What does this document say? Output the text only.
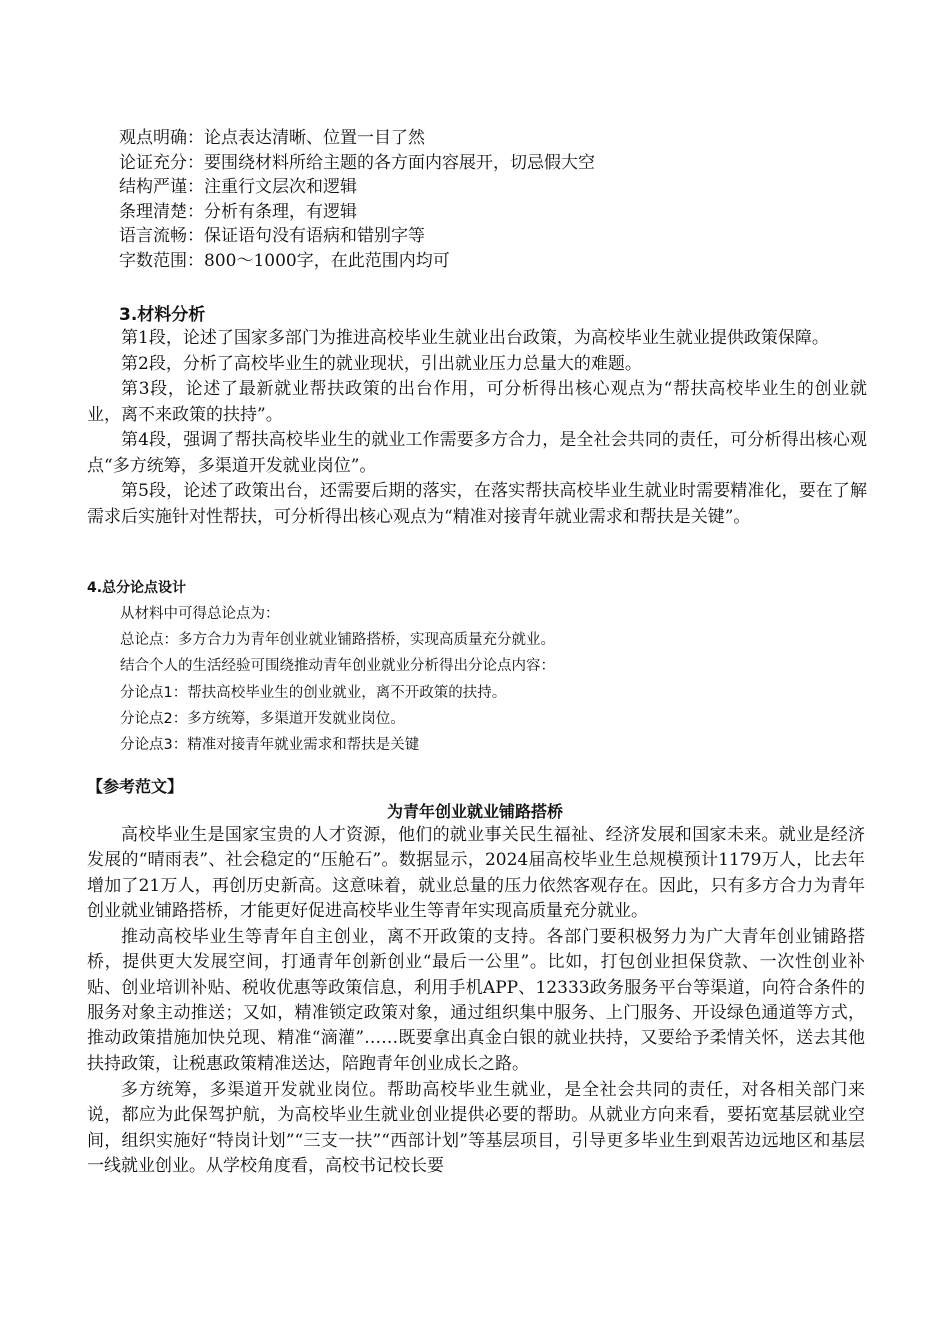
观点明确：论点表达清晰、位置一目了然
论证充分：要围绕材料所给主题的各方面内容展开，切忌假大空
结构严谨：注重行文层次和逻辑
条理清楚：分析有条理，有逻辑
语言流畅：保证语句没有语病和错别字等
字数范围：800～1000字，在此范围内均可
3.材料分析

第1段，论述了国家多部门为推进高校毕业生就业出台政策，为高校毕业生就业提供政策保障。

第2段，分析了高校毕业生的就业现状，引出就业压力总量大的难题。

第3段，论述了最新就业帮扶政策的出台作用，可分析得出核心观点为“帮扶高校毕业生的创业就业，离不来政策的扶持”。

第4段，强调了帮扶高校毕业生的就业工作需要多方合力，是全社会共同的责任，可分析得出核心观点“多方统筹，多渠道开发就业岗位”。

第5段，论述了政策出台，还需要后期的落实，在落实帮扶高校毕业生就业时需要精准化，要在了解需求后实施针对性帮扶，可分析得出核心观点为“精准对接青年就业需求和帮扶是关键”。

4.总分论点设计
从材料中可得总论点为：
总论点：多方合力为青年创业就业铺路搭桥，实现高质量充分就业。
结合个人的生活经验可围绕推动青年创业就业分析得出分论点内容：
分论点1：帮扶高校毕业生的创业就业，离不开政策的扶持。
分论点2：多方统筹，多渠道开发就业岗位。
分论点3：精准对接青年就业需求和帮扶是关键
【参考范文】
为青年创业就业铺路搭桥

高校毕业生是国家宝贵的人才资源，他们的就业事关民生福祉、经济发展和国家未来。就业是经济发展的“晴雨表”、社会稳定的“压舱石”。数据显示，2024届高校毕业生总规模预计1179万人，比去年增加了21万人，再创历史新高。这意味着，就业总量的压力依然客观存在。因此，只有多方合力为青年创业就业铺路搭桥，才能更好促进高校毕业生等青年实现高质量充分就业。

推动高校毕业生等青年自主创业，离不开政策的支持。各部门要积极努力为广大青年创业铺路搭桥，提供更大发展空间，打通青年创新创业“最后一公里”。比如，打包创业担保贷款、一次性创业补贴、创业培训补贴、税收优惠等政策信息，利用手机APP、12333政务服务平台等渠道，向符合条件的服务对象主动推送；又如，精准锁定政策对象，通过组织集中服务、上门服务、开设绿色通道等方式，推动政策措施加快兑现、精准“滴灌”……既要拿出真金白银的就业扶持，又要给予柔情关怀，送去其他扶持政策，让税惠政策精准送达，陪跑青年创业成长之路。

多方统筹，多渠道开发就业岗位。帮助高校毕业生就业，是全社会共同的责任，对各相关部门来说，都应为此保驾护航，为高校毕业生就业创业提供必要的帮助。从就业方向来看，要拓宽基层就业空间，组织实施好“特岗计划”“三支一扶”“西部计划”等基层项目，引导更多毕业生到艰苦边远地区和基层一线就业创业。从学校角度看，高校书记校长要
